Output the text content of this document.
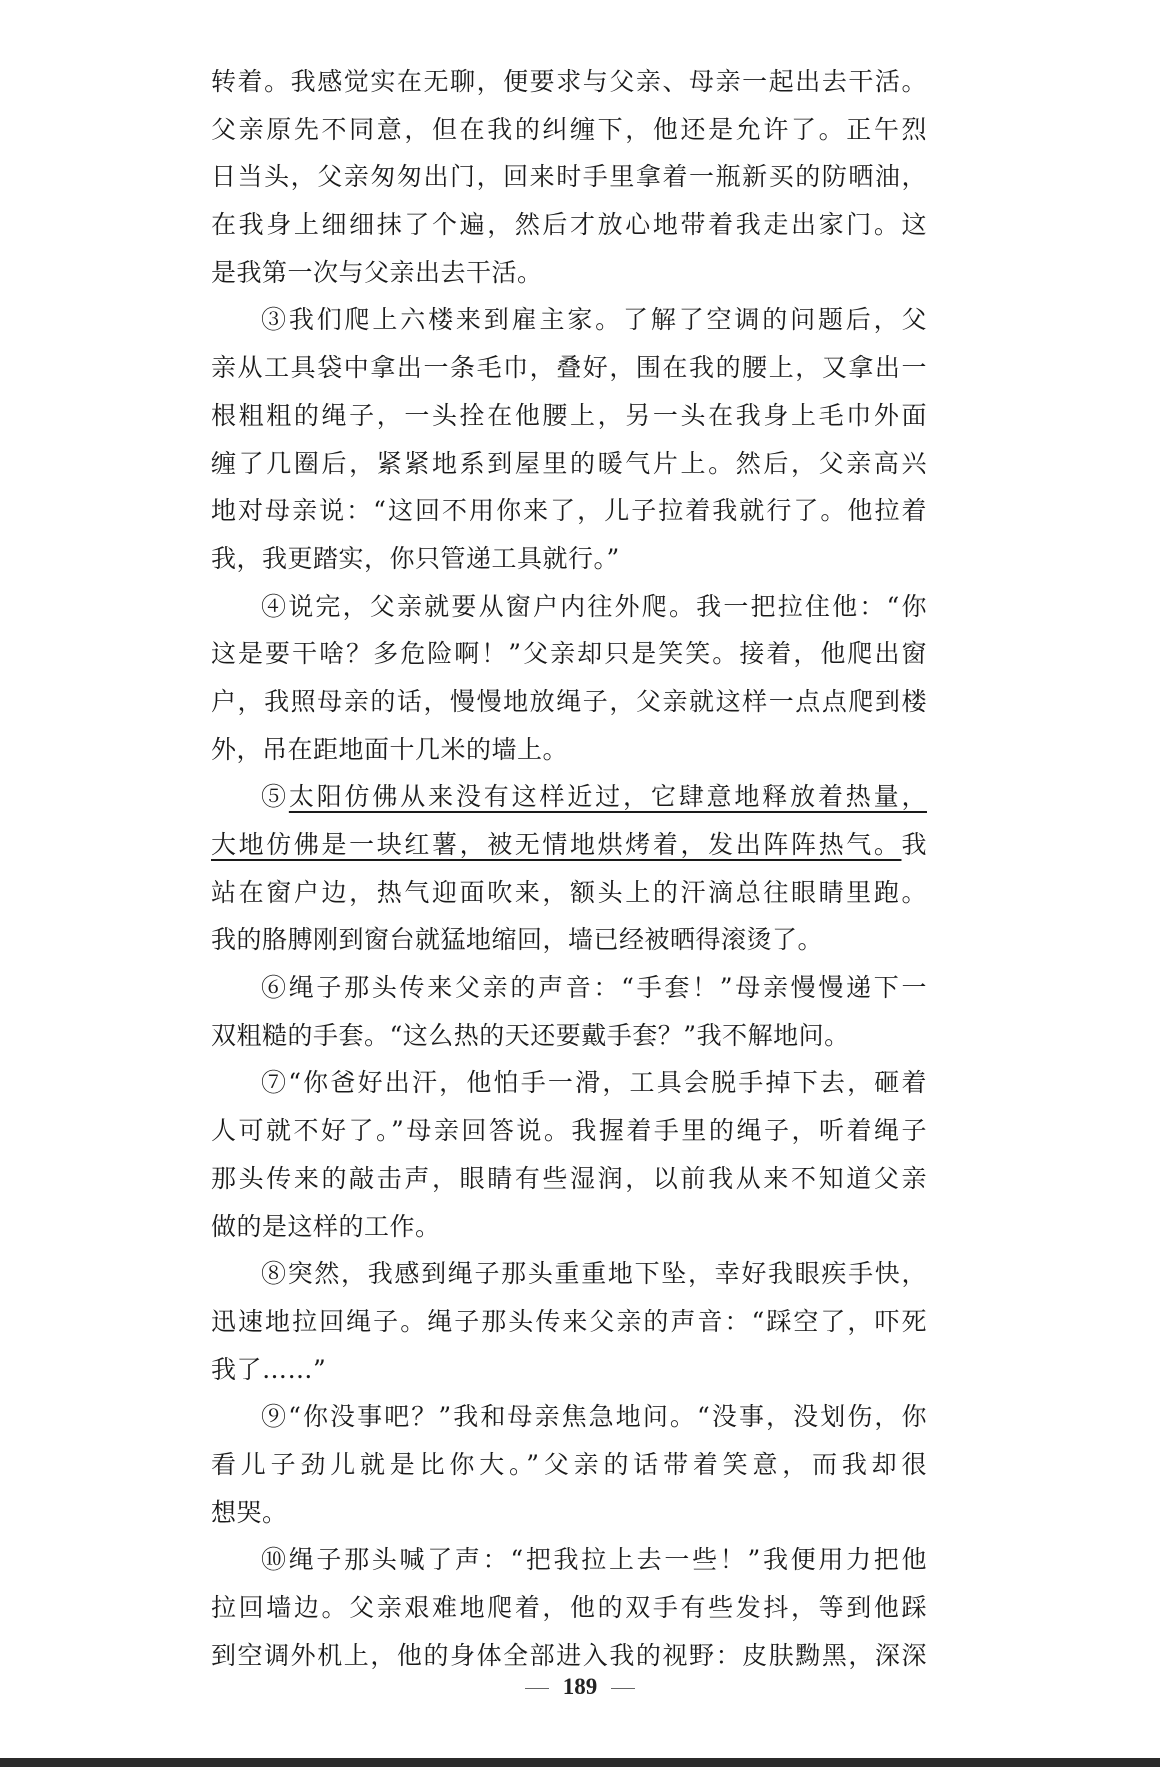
转着。我感觉实在无聊，便要求与父亲、母亲一起出去干活。
父亲原先不同意，但在我的纠缠下，他还是允许了。正午烈
日当头，父亲匆匆出门，回来时手里拿着一瓶新买的防晒油，
在我身上细细抹了个遍，然后才放心地带着我走出家门。这
是我第一次与父亲出去干活。
③我们爬上六楼来到雇主家。了解了空调的问题后，父
亲从工具袋中拿出一条毛巾，叠好，围在我的腰上，又拿出一
根粗粗的绳子，一头拴在他腰上，另一头在我身上毛巾外面
缠了几圈后，紧紧地系到屋里的暖气片上。然后，父亲高兴
地对母亲说：“这回不用你来了，儿子拉着我就行了。他拉着
我，我更踏实，你只管递工具就行。”
④说完，父亲就要从窗户内往外爬。我一把拉住他：“你
这是要干啥？多危险啊！”父亲却只是笑笑。接着，他爬出窗
户，我照母亲的话，慢慢地放绳子，父亲就这样一点点爬到楼
外，吊在距地面十几米的墙上。
⑤太阳仿佛从来没有这样近过，它肆意地释放着热量，
大地仿佛是一块红薯，被无情地烘烤着，发出阵阵热气。我
站在窗户边，热气迎面吹来，额头上的汗滴总往眼睛里跑。
我的胳膊刚到窗台就猛地缩回，墙已经被晒得滚烫了。
⑥绳子那头传来父亲的声音：“手套！”母亲慢慢递下一
双粗糙的手套。“这么热的天还要戴手套？”我不解地问。
⑦“你爸好出汗，他怕手一滑，工具会脱手掉下去，砸着
人可就不好了。”母亲回答说。我握着手里的绳子，听着绳子
那头传来的敲击声，眼睛有些湿润，以前我从来不知道父亲
做的是这样的工作。
⑧突然，我感到绳子那头重重地下坠，幸好我眼疾手快，
迅速地拉回绳子。绳子那头传来父亲的声音：“踩空了，吓死
我了……”
⑨“你没事吧？”我和母亲焦急地问。“没事，没划伤，你
看儿子劲儿就是比你大。”父亲的话带着笑意，而我却很
想哭。
⑩绳子那头喊了声：“把我拉上去一些！”我便用力把他
拉回墙边。父亲艰难地爬着，他的双手有些发抖，等到他踩
到空调外机上，他的身体全部进入我的视野：皮肤黝黑，深深
189
